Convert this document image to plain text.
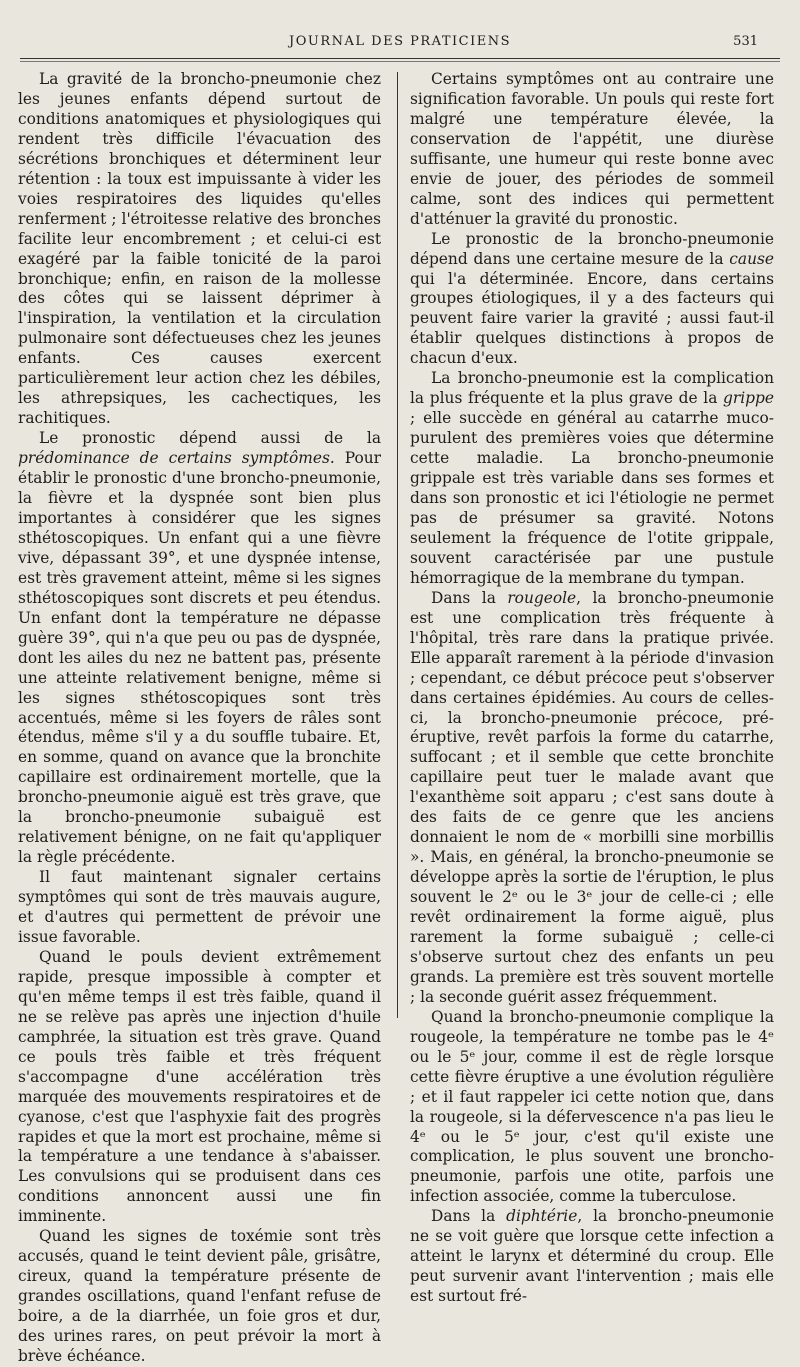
JOURNAL DES PRATICIENS	531

La gravité de la broncho-pneumonie chez les jeunes enfants dépend surtout de conditions anatomiques et physiologiques qui rendent très difficile l'évacuation des sécrétions bronchiques et déterminent leur rétention : la toux est impuissante à vider les voies respiratoires des liquides qu'elles renferment ; l'étroitesse relative des bronches facilite leur encombrement ; et celui-ci est exagéré par la faible tonicité de la paroi bronchique; enfin, en raison de la mollesse des côtes qui se laissent déprimer à l'inspiration, la ventilation et la circulation pulmonaire sont défectueuses chez les jeunes enfants. Ces causes exercent particulièrement leur action chez les débiles, les athrepsiques, les cachectiques, les rachitiques.

Le pronostic dépend aussi de la prédominance de certains symptômes. Pour établir le pronostic d'une broncho-pneumonie, la fièvre et la dyspnée sont bien plus importantes à considérer que les signes sthétoscopiques. Un enfant qui a une fièvre vive, dépassant 39°, et une dyspnée intense, est très gravement atteint, même si les signes sthétoscopiques sont discrets et peu étendus. Un enfant dont la température ne dépasse guère 39°, qui n'a que peu ou pas de dyspnée, dont les ailes du nez ne battent pas, présente une atteinte relativement benigne, même si les signes sthétoscopiques sont très accentués, même si les foyers de râles sont étendus, même s'il y a du souffle tubaire. Et, en somme, quand on avance que la bronchite capillaire est ordinairement mortelle, que la broncho-pneumonie aiguë est très grave, que la broncho-pneumonie subaiguë est relativement bénigne, on ne fait qu'appliquer la règle précédente.

Il faut maintenant signaler certains symptômes qui sont de très mauvais augure, et d'autres qui permettent de prévoir une issue favorable.

Quand le pouls devient extrêmement rapide, presque impossible à compter et qu'en même temps il est très faible, quand il ne se relève pas après une injection d'huile camphrée, la situation est très grave. Quand ce pouls très faible et très fréquent s'accompagne d'une accélération très marquée des mouvements respiratoires et de cyanose, c'est que l'asphyxie fait des progrès rapides et que la mort est prochaine, même si la température a une tendance à s'abaisser. Les convulsions qui se produisent dans ces conditions annoncent aussi une fin imminente.

Quand les signes de toxémie sont très accusés, quand le teint devient pâle, grisâtre, cireux, quand la température présente de grandes oscillations, quand l'enfant refuse de boire, a de la diarrhée, un foie gros et dur, des urines rares, on peut prévoir la mort à brève échéance.

Certains symptômes ont au contraire une signification favorable. Un pouls qui reste fort malgré une température élevée, la conservation de l'appétit, une diurèse suffisante, une humeur qui reste bonne avec envie de jouer, des périodes de sommeil calme, sont des indices qui permettent d'atténuer la gravité du pronostic.

Le pronostic de la broncho-pneumonie dépend dans une certaine mesure de la cause qui l'a déterminée. Encore, dans certains groupes étiologiques, il y a des facteurs qui peuvent faire varier la gravité ; aussi faut-il établir quelques distinctions à propos de chacun d'eux.

La broncho-pneumonie est la complication la plus fréquente et la plus grave de la grippe ; elle succède en général au catarrhe muco-purulent des premières voies que détermine cette maladie. La broncho-pneumonie grippale est très variable dans ses formes et dans son pronostic et ici l'étiologie ne permet pas de présumer sa gravité. Notons seulement la fréquence de l'otite grippale, souvent caractérisée par une pustule hémorragique de la membrane du tympan.

Dans la rougeole, la broncho-pneumonie est une complication très fréquente à l'hôpital, très rare dans la pratique privée. Elle apparaît rarement à la période d'invasion ; cependant, ce début précoce peut s'observer dans certaines épidémies. Au cours de celles-ci, la broncho-pneumonie précoce, pré-éruptive, revêt parfois la forme du catarrhe, suffocant ; et il semble que cette bronchite capillaire peut tuer le malade avant que l'exanthème soit apparu ; c'est sans doute à des faits de ce genre que les anciens donnaient le nom de « morbilli sine morbillis ». Mais, en général, la broncho-pneumonie se développe après la sortie de l'éruption, le plus souvent le 2ᵉ ou le 3ᵉ jour de celle-ci ; elle revêt ordinairement la forme aiguë, plus rarement la forme subaiguë ; celle-ci s'observe surtout chez des enfants un peu grands. La première est très souvent mortelle ; la seconde guérit assez fréquemment.

Quand la broncho-pneumonie complique la rougeole, la température ne tombe pas le 4ᵉ ou le 5ᵉ jour, comme il est de règle lorsque cette fièvre éruptive a une évolution régulière ; et il faut rappeler ici cette notion que, dans la rougeole, si la défervescence n'a pas lieu le 4ᵉ ou le 5ᵉ jour, c'est qu'il existe une complication, le plus souvent une broncho-pneumonie, parfois une otite, parfois une infection associée, comme la tuberculose.

Dans la diphtérie, la broncho-pneumonie ne se voit guère que lorsque cette infection a atteint le larynx et déterminé du croup. Elle peut survenir avant l'intervention ; mais elle est surtout fré-
